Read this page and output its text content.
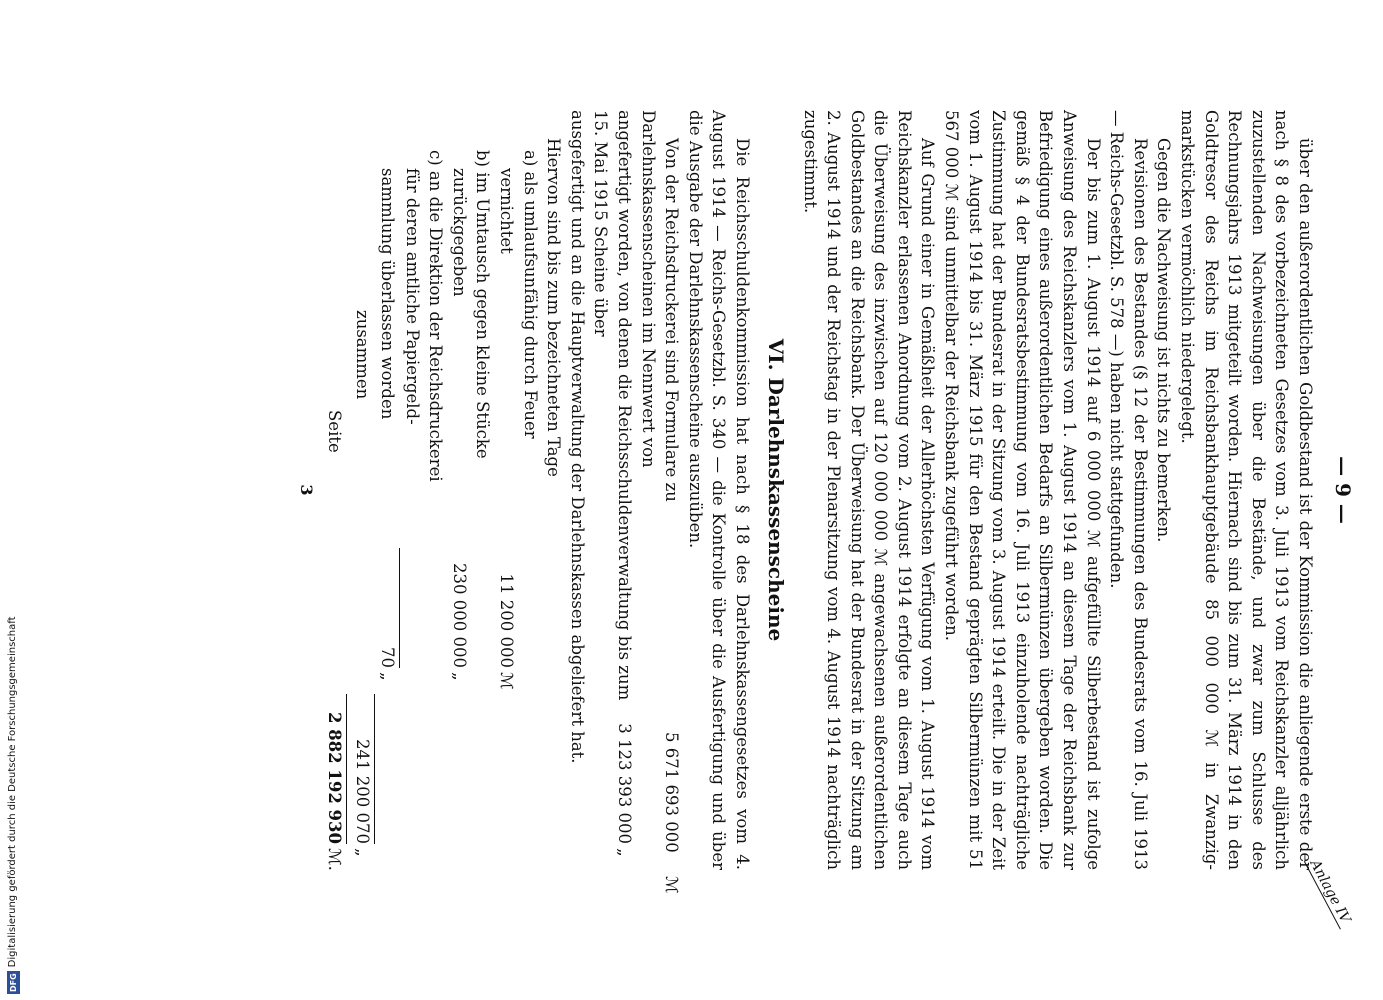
Anlage IV
— 9 —

über den außerordentlichen Goldbestand ist der Kommission die anliegende erste der nach § 8 des vorbezeichneten Gesetzes vom 3. Juli 1913 vom Reichskanzler alljährlich zuzustellenden Nachweisungen über die Bestände, und zwar zum Schlusse des Rechnungsjahrs 1913 mitgeteilt worden. Hiernach sind bis zum 31. März 1914 in den Goldtresor des Reichs im Reichsbankhauptgebäude 85 000 000 ℳ in Zwanzig-markstücken vermöchlich niedergelegt.

Gegen die Nachweisung ist nichts zu bemerken.

Revisionen des Bestandes (§ 12 der Bestimmungen des Bundesrats vom 16. Juli 1913 — Reichs-Gesetzbl. S. 578 —) haben nicht stattgefunden.

Der bis zum 1. August 1914 auf 6 000 000 ℳ aufgefüllte Silberbestand ist zufolge Anweisung des Reichskanzlers vom 1. August 1914 an diesem Tage der Reichsbank zur Befriedigung eines außerordentlichen Bedarfs an Silbermünzen übergeben worden. Die gemäß § 4 der Bundesratsbestimmung vom 16. Juli 1913 einzuholende nachträgliche Zustimmung hat der Bundesrat in der Sitzung vom 3. August 1914 erteilt. Die in der Zeit vom 1. August 1914 bis 31. März 1915 für den Bestand geprägten Silbermünzen mit 51 567 000 ℳ sind unmittelbar der Reichsbank zugeführt worden.

Auf Grund einer in Gemäßheit der Allerhöchsten Verfügung vom 1. August 1914 vom Reichskanzler erlassenen Anordnung vom 2. August 1914 erfolgte an diesem Tage auch die Überweisung des inzwischen auf 120 000 000 ℳ angewachsenen außerordentlichen Goldbestandes an die Reichsbank. Der Überweisung hat der Bundesrat in der Sitzung am 2. August 1914 und der Reichstag in der Plenarsitzung vom 4. August 1914 nachträglich zugestimmt.

VI. Darlehnskassenscheine

Die Reichsschuldenkommission hat nach § 18 des Darlehnskassengesetzes vom 4. August 1914 — Reichs-Gesetzbl. S. 340 — die Kontrolle über die Ausfertigung und über die Ausgabe der Darlehnskassenscheine auszuüben.

Von der Reichsdruckerei sind Formulare zu Darlehnskassenscheinen im Nennwert von
5 671 693 000
ℳ
angefertigt worden, von denen die Reichsschuldenverwaltung bis zum 15. Mai 1915 Scheine über
3 123 393 000
„

ausgefertigt und an die Hauptverwaltung der Darlehnskassen abgeliefert hat.

Hiervon sind bis zum bezeichneten Tage

a) als umlaufsunfähig durch Feuer
vernichtet
11 200 000
ℳ
b) im Umtausch gegen kleine Stücke
zurückgegeben
230 000 000
„
c) an die Direktion der Reichsdruckerei
für deren amtliche Papiergeld-
sammlung überlassen worden
70
„
zusammen
241 200 070
„
Seite
2 882 192 930
ℳ.
3
DFG
Digitalisierung gefördert durch die Deutsche Forschungsgemeinschaft
